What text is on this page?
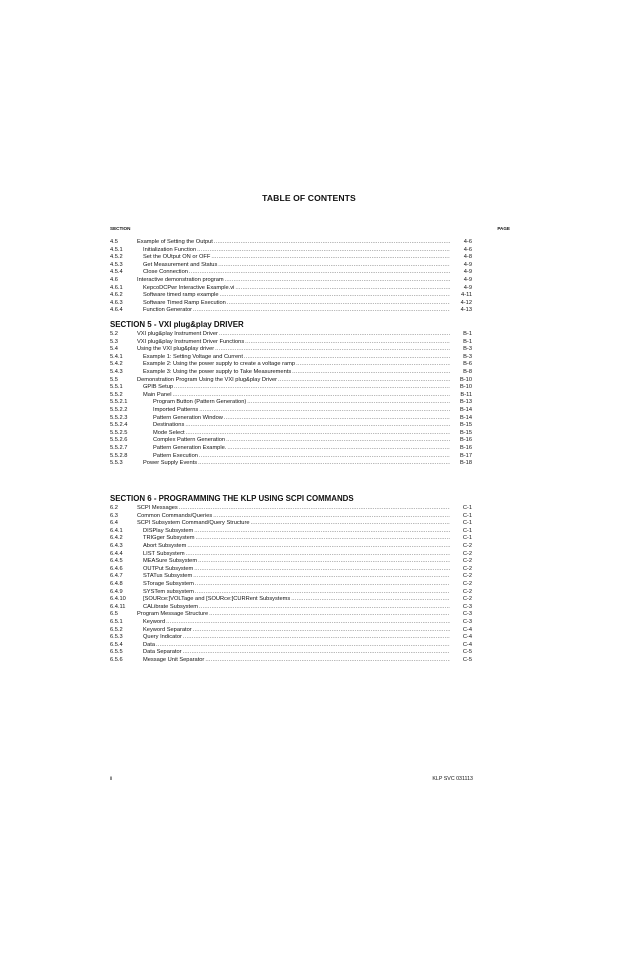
TABLE OF CONTENTS
SECTION	PAGE
4.5	Example of Setting the Output .....	4-6
4.5.1	Initialization Function .....	4-6
4.5.2	Set the OUtput ON or OFF .....	4-8
4.5.3	Get Measurement and Status .....	4-9
4.5.4	Close Connection .....	4-9
4.6	Interactive demonstration program .....	4-9
4.6.1	KepcoDCPwr Interactive Example.vi .....	4-9
4.6.2	Software timed ramp example .....	4-11
4.6.3	Software Timed Ramp Execution .....	4-12
4.6.4	Function Generator .....	4-13
SECTION 5 - VXI plug&play DRIVER
5.2	VXI plug&play Instrument Driver .....	B-1
5.3	VXI plug&play Instrument Driver Functions .....	B-1
5.4	Using the VXI plug&play driver .....	B-3
5.4.1	Example 1: Setting Voltage and Current .....	B-3
5.4.2	Example 2: Using the power supply to create a voltage ramp .....	B-6
5.4.3	Example 3: Using the power supply to Take Measurements .....	B-8
5.5	Demonstration Program Using the VXI plug&play Driver .....	B-10
5.5.1	GPIB Setup .....	B-10
5.5.2	Main Panel .....	B-11
5.5.2.1	Program Button (Pattern Generation) .....	B-13
5.5.2.2	Imported Patterns .....	B-14
5.5.2.3	Pattern Generation Window .....	B-14
5.5.2.4	Destinations .....	B-15
5.5.2.5	Mode Select .....	B-15
5.5.2.6	Complex Pattern Generation .....	B-16
5.5.2.7	Pattern Generation Example. .....	B-16
5.5.2.8	Pattern Execution .....	B-17
5.5.3	Power Supply Events .....	B-18
SECTION 6 - PROGRAMMING THE KLP USING SCPI COMMANDS
6.2	SCPI Messages .....	C-1
6.3	Common Commands/Queries .....	C-1
6.4	SCPI Subsystem Command/Query Structure .....	C-1
6.4.1	DISPlay Subsystem .....	C-1
6.4.2	TRIGger Subsystem .....	C-1
6.4.3	Abort Subsystem .....	C-2
6.4.4	LIST Subsystem .....	C-2
6.4.5	MEASure Subsystem .....	C-2
6.4.6	OUTPut Subsystem .....	C-2
6.4.7	STATus Subsystem .....	C-2
6.4.8	STorage Subsystem .....	C-2
6.4.9	SYSTem subsystem .....	C-2
6.4.10	[SOURce:]VOLTage and [SOURce:]CURRent Subsystems .....	C-2
6.4.11	CALibrate Subsystem .....	C-3
6.5	Program Message Structure .....	C-3
6.5.1	Keyword .....	C-3
6.5.2	Keyword Separator .....	C-4
6.5.3	Query Indicator .....	C-4
6.5.4	Data .....	C-4
6.5.5	Data Separator .....	C-5
6.5.6	Message Unit Separator .....	C-5
ii	KLP SVC 031113
